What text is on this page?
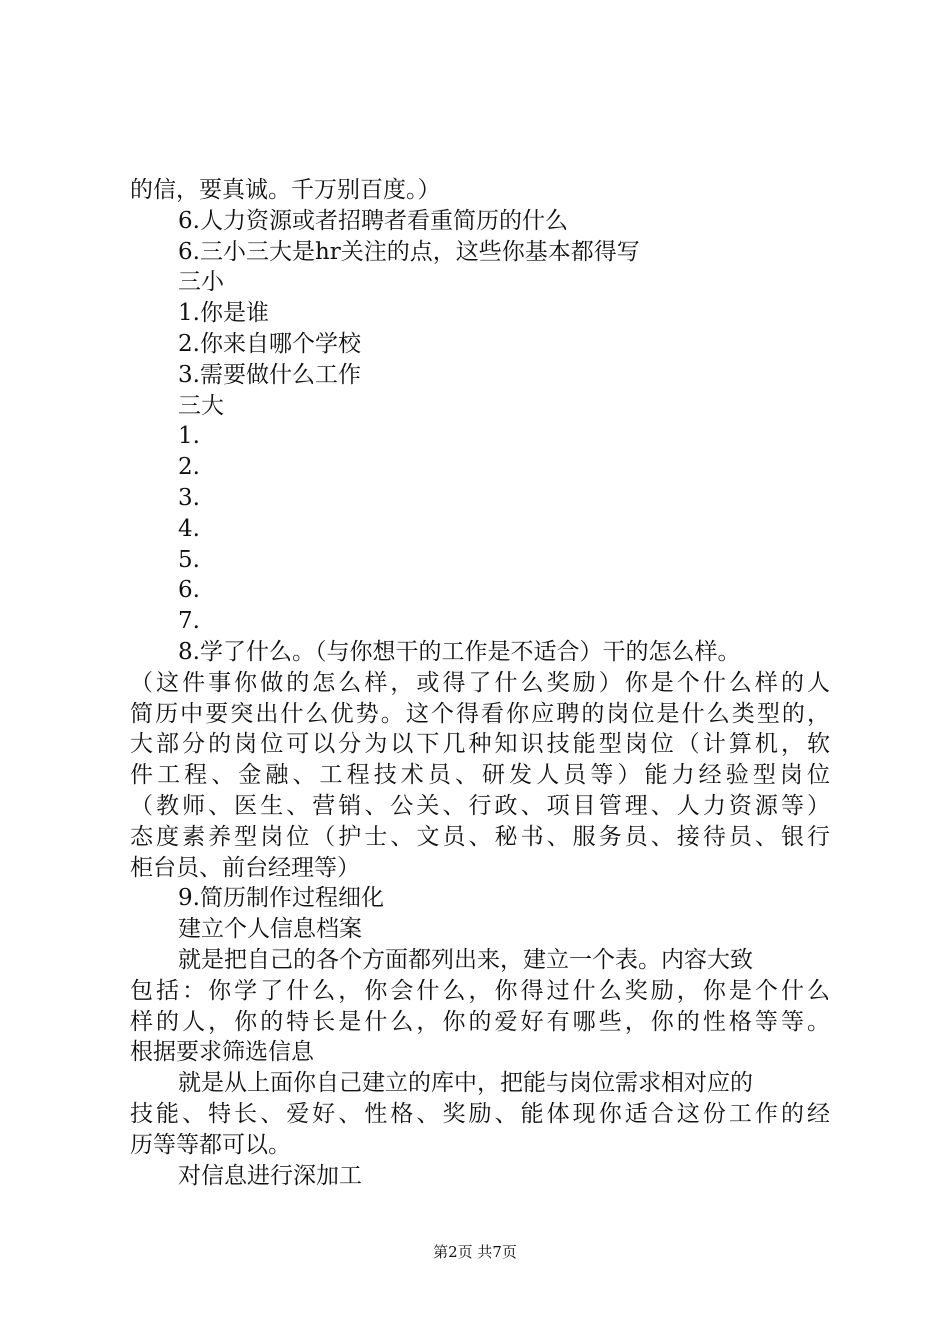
的信，要真诚。千万别百度。）
6.人力资源或者招聘者看重简历的什么
6.三小三大是hr关注的点，这些你基本都得写
三小
1.你是谁
2.你来自哪个学校
3.需要做什么工作
三大
1.
2.
3.
4.
5.
6.
7.
8.学了什么。（与你想干的工作是不适合）干的怎么样。
（这件事你做的怎么样，或得了什么奖励）你是个什么样的人
简历中要突出什么优势。这个得看你应聘的岗位是什么类型的，
大部分的岗位可以分为以下几种知识技能型岗位（计算机，软
件工程、金融、工程技术员、研发人员等）能力经验型岗位
（教师、医生、营销、公关、行政、项目管理、人力资源等）
态度素养型岗位（护士、文员、秘书、服务员、接待员、银行
柜台员、前台经理等）
9.简历制作过程细化
建立个人信息档案
就是把自己的各个方面都列出来，建立一个表。内容大致
包括：你学了什么，你会什么，你得过什么奖励，你是个什么
样的人，你的特长是什么，你的爱好有哪些，你的性格等等。
根据要求筛选信息
就是从上面你自己建立的库中，把能与岗位需求相对应的
技能、特长、爱好、性格、奖励、能体现你适合这份工作的经
历等等都可以。
对信息进行深加工
第2页 共7页
